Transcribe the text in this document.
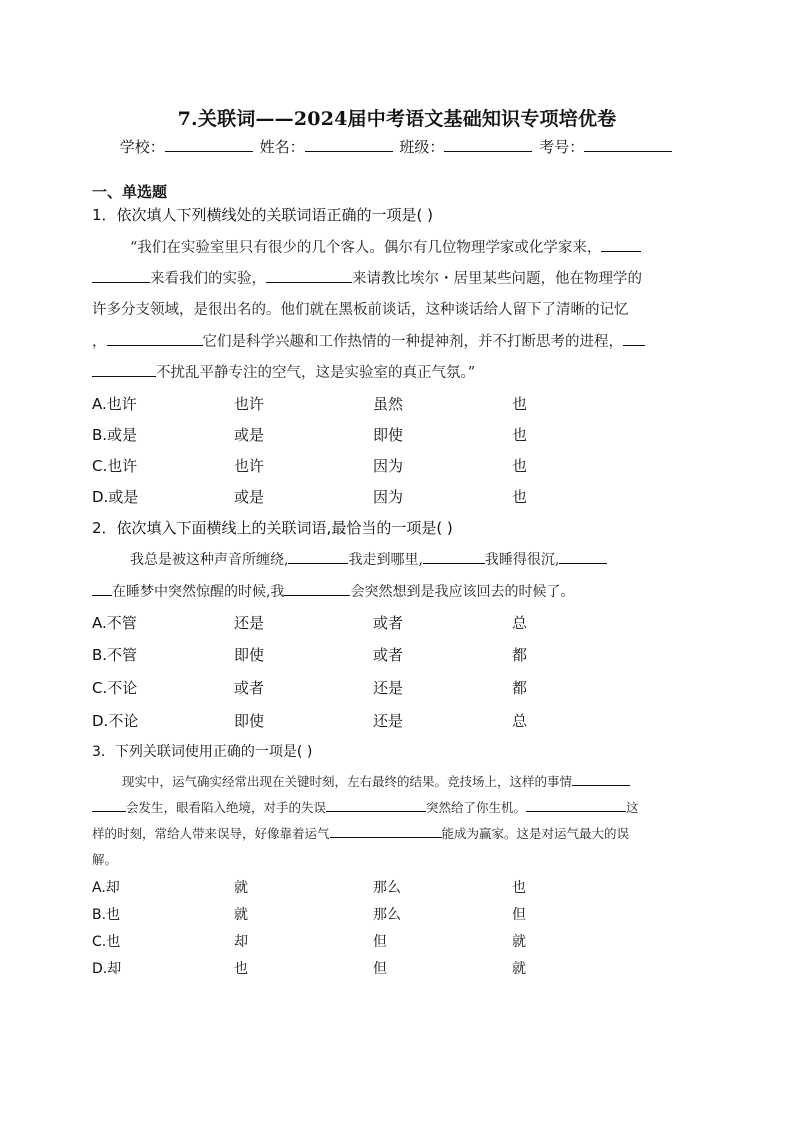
7.关联词——2024届中考语文基础知识专项培优卷
学校：	姓名：	班级：	考号：
一、单选题
1．依次填人下列横线处的关联词语正确的一项是( )
“我们在实验室里只有很少的几个客人。偶尔有几位物理学家或化学家来，
来看我们的实验，	来请教比埃尔・居里某些问题，他在物理学的
许多分支领域，是很出名的。他们就在黑板前谈话，这种谈话给人留下了清晰的记忆
，	它们是科学兴趣和工作热情的一种提神剂，并不打断思考的进程，
不扰乱平静专注的空气，这是实验室的真正气氛。”
A.也许	也许	虽然	也
B.或是	或是	即使	也
C.也许	也许	因为	也
D.或是	或是	因为	也
2．依次填入下面横线上的关联词语,最恰当的一项是( )
我总是被这种声音所缠绕,	我走到哪里,	我睡得很沉,
在睡梦中突然惊醒的时候,我	会突然想到是我应该回去的时候了。
A.不管	还是	或者	总
B.不管	即使	或者	都
C.不论	或者	还是	都
D.不论	即使	还是	总
3．下列关联词使用正确的一项是( )
现实中，运气确实经常出现在关键时刻，左右最终的结果。竞技场上，这样的事情
会发生，眼看陷入绝境，对手的失误	突然给了你生机。	这
样的时刻，常给人带来误导，好像靠着运气	能成为赢家。这是对运气最大的误
解。
A.却	就	那么	也
B.也	就	那么	但
C.也	却	但	就
D.却	也	但	就
